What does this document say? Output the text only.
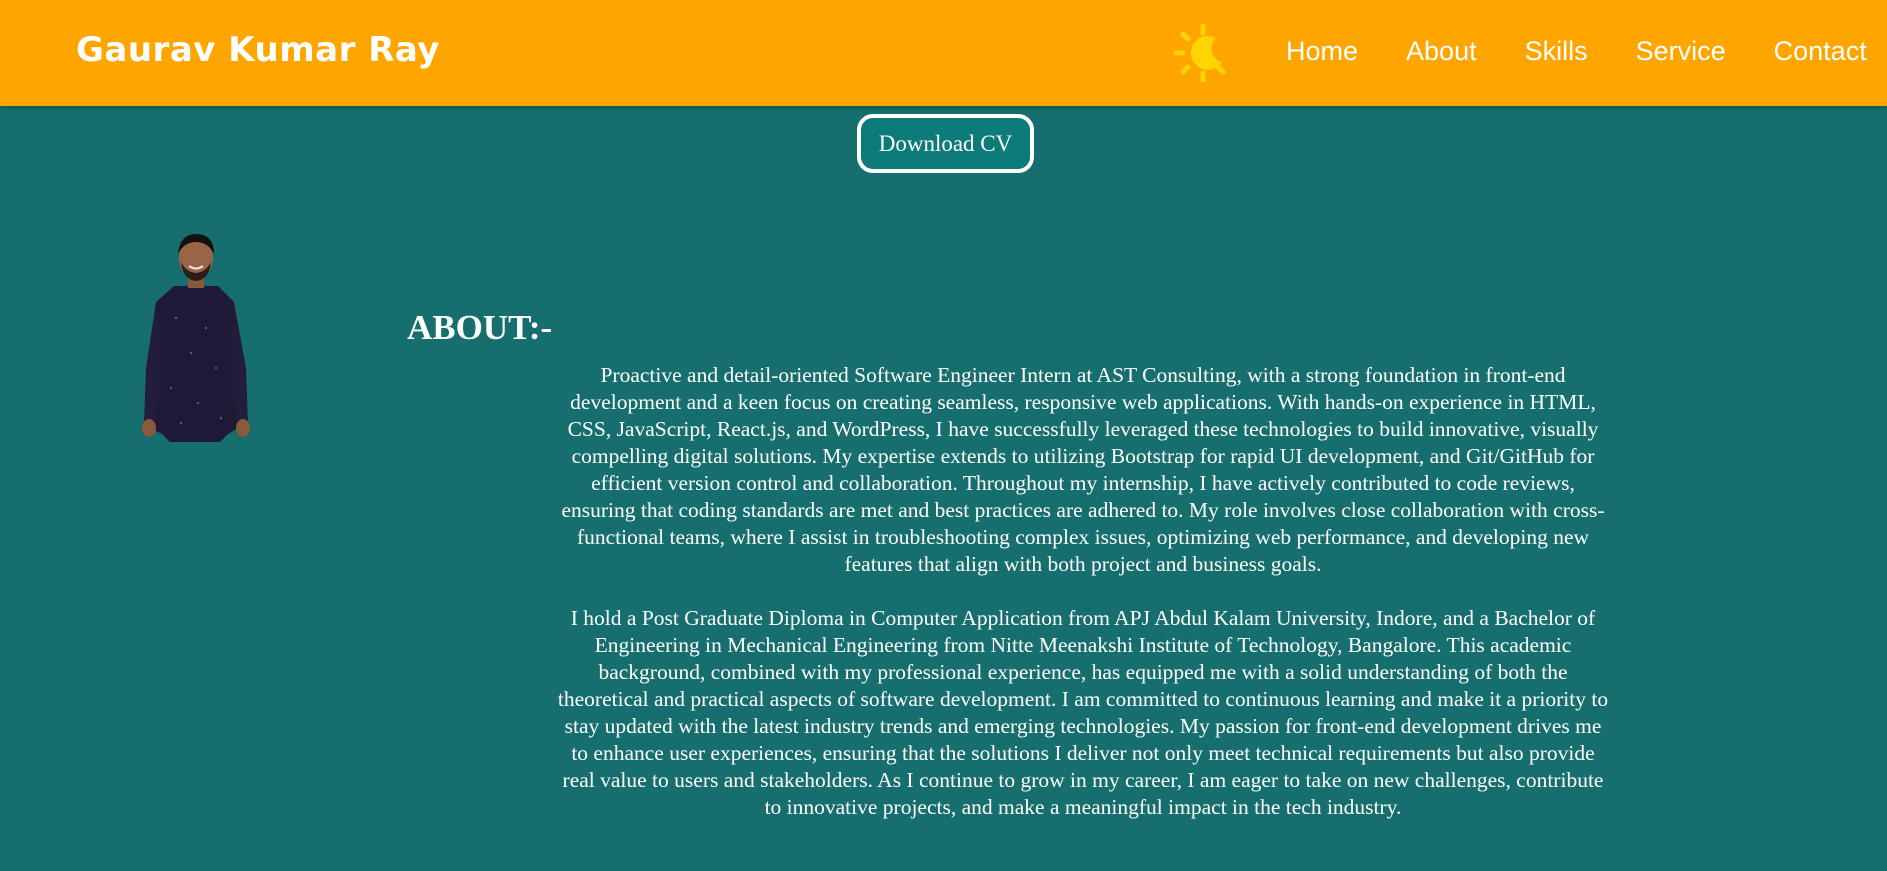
Gaurav Kumar Ray	Home About Skills Service Contact
Download CV
ABOUT:-

Proactive and detail-oriented Software Engineer Intern at AST Consulting, with a strong foundation in front-end development and a keen focus on creating seamless, responsive web applications. With hands-on experience in HTML, CSS, JavaScript, React.js, and WordPress, I have successfully leveraged these technologies to build innovative, visually compelling digital solutions. My expertise extends to utilizing Bootstrap for rapid UI development, and Git/GitHub for efficient version control and collaboration. Throughout my internship, I have actively contributed to code reviews, ensuring that coding standards are met and best practices are adhered to. My role involves close collaboration with cross-functional teams, where I assist in troubleshooting complex issues, optimizing web performance, and developing new features that align with both project and business goals.

I hold a Post Graduate Diploma in Computer Application from APJ Abdul Kalam University, Indore, and a Bachelor of Engineering in Mechanical Engineering from Nitte Meenakshi Institute of Technology, Bangalore. This academic background, combined with my professional experience, has equipped me with a solid understanding of both the theoretical and practical aspects of software development. I am committed to continuous learning and make it a priority to stay updated with the latest industry trends and emerging technologies. My passion for front-end development drives me to enhance user experiences, ensuring that the solutions I deliver not only meet technical requirements but also provide real value to users and stakeholders. As I continue to grow in my career, I am eager to take on new challenges, contribute to innovative projects, and make a meaningful impact in the tech industry.
